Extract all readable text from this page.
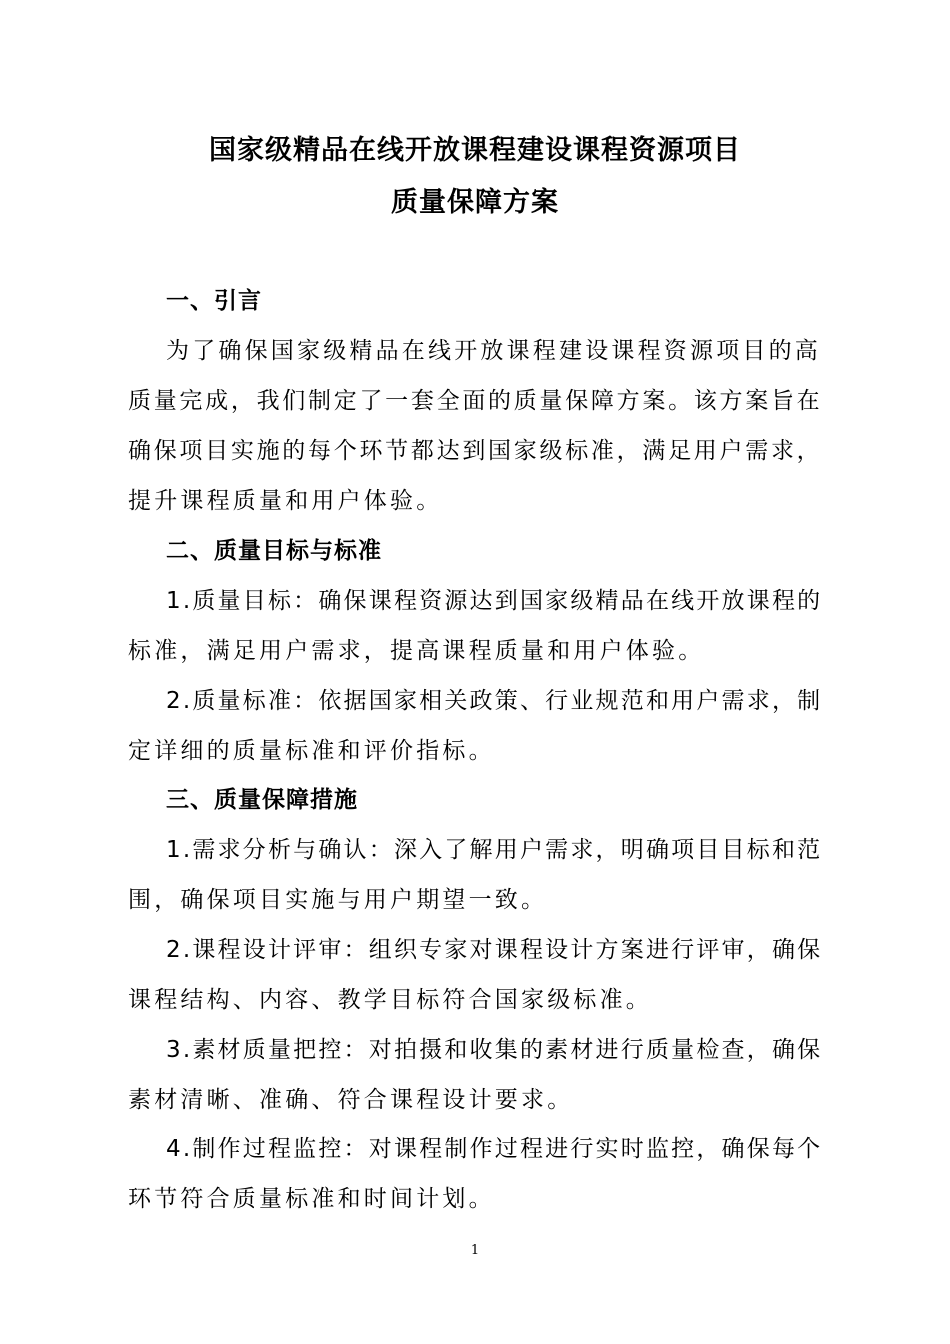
国家级精品在线开放课程建设课程资源项目
质量保障方案
一、引言
为了确保国家级精品在线开放课程建设课程资源项目的高
质量完成，我们制定了一套全面的质量保障方案。该方案旨在
确保项目实施的每个环节都达到国家级标准，满足用户需求，
提升课程质量和用户体验。
二、质量目标与标准
1.质量目标：确保课程资源达到国家级精品在线开放课程的
标准，满足用户需求，提高课程质量和用户体验。
2.质量标准：依据国家相关政策、行业规范和用户需求，制
定详细的质量标准和评价指标。
三、质量保障措施
1.需求分析与确认：深入了解用户需求，明确项目目标和范
围，确保项目实施与用户期望一致。
2.课程设计评审：组织专家对课程设计方案进行评审，确保
课程结构、内容、教学目标符合国家级标准。
3.素材质量把控：对拍摄和收集的素材进行质量检查，确保
素材清晰、准确、符合课程设计要求。
4.制作过程监控：对课程制作过程进行实时监控，确保每个
环节符合质量标准和时间计划。
1
